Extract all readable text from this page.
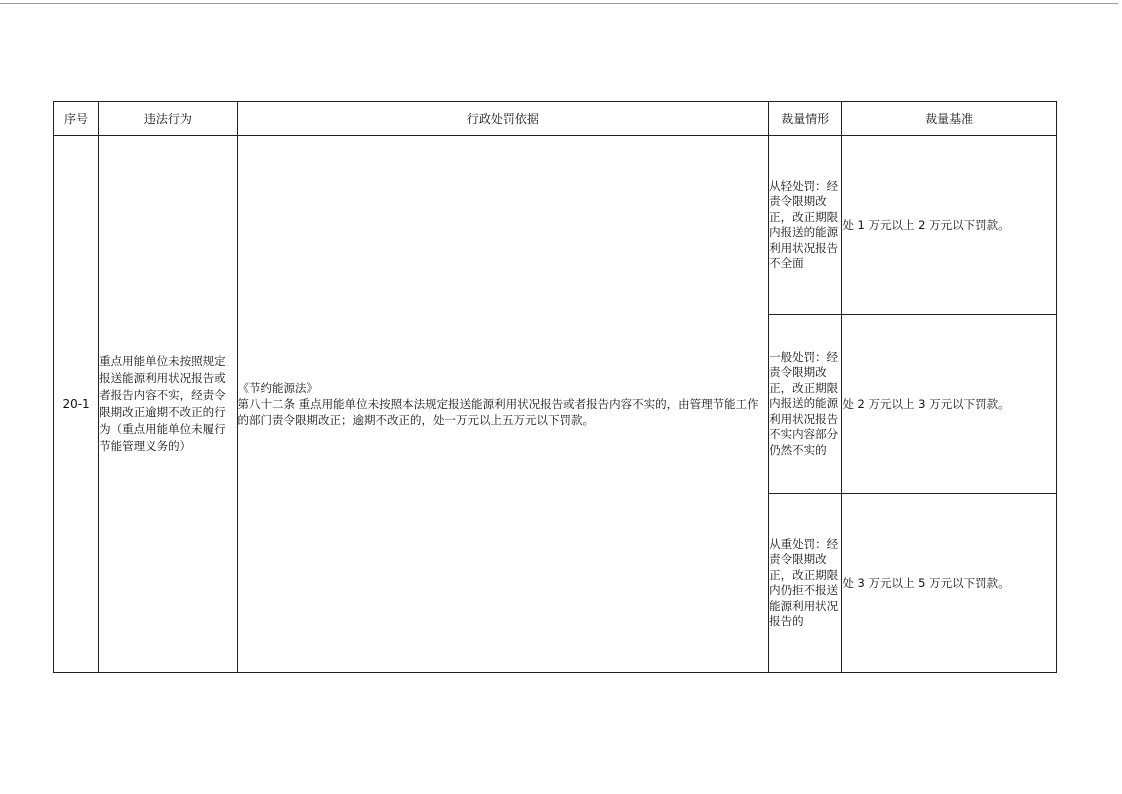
序号	违法行为	行政处罚依据	裁量情形	裁量基准
20-1	重点用能单位未按照规定报送能源利用状况报告或者报告内容不实，经责令限期改正逾期不改正的行为（重点用能单位未履行节能管理义务的）	《节约能源法》
第八十二条 重点用能单位未按照本法规定报送能源利用状况报告或者报告内容不实的，由管理节能工作的部门责令限期改正；逾期不改正的，处一万元以上五万元以下罚款。	从轻处罚：经责令限期改正，改正期限内报送的能源利用状况报告不全面	处 1 万元以上 2 万元以下罚款。
			一般处罚：经责令限期改正，改正期限内报送的能源利用状况报告不实内容部分仍然不实的	处 2 万元以上 3 万元以下罚款。
			从重处罚：经责令限期改正，改正期限内仍拒不报送能源利用状况报告的	处 3 万元以上 5 万元以下罚款。
